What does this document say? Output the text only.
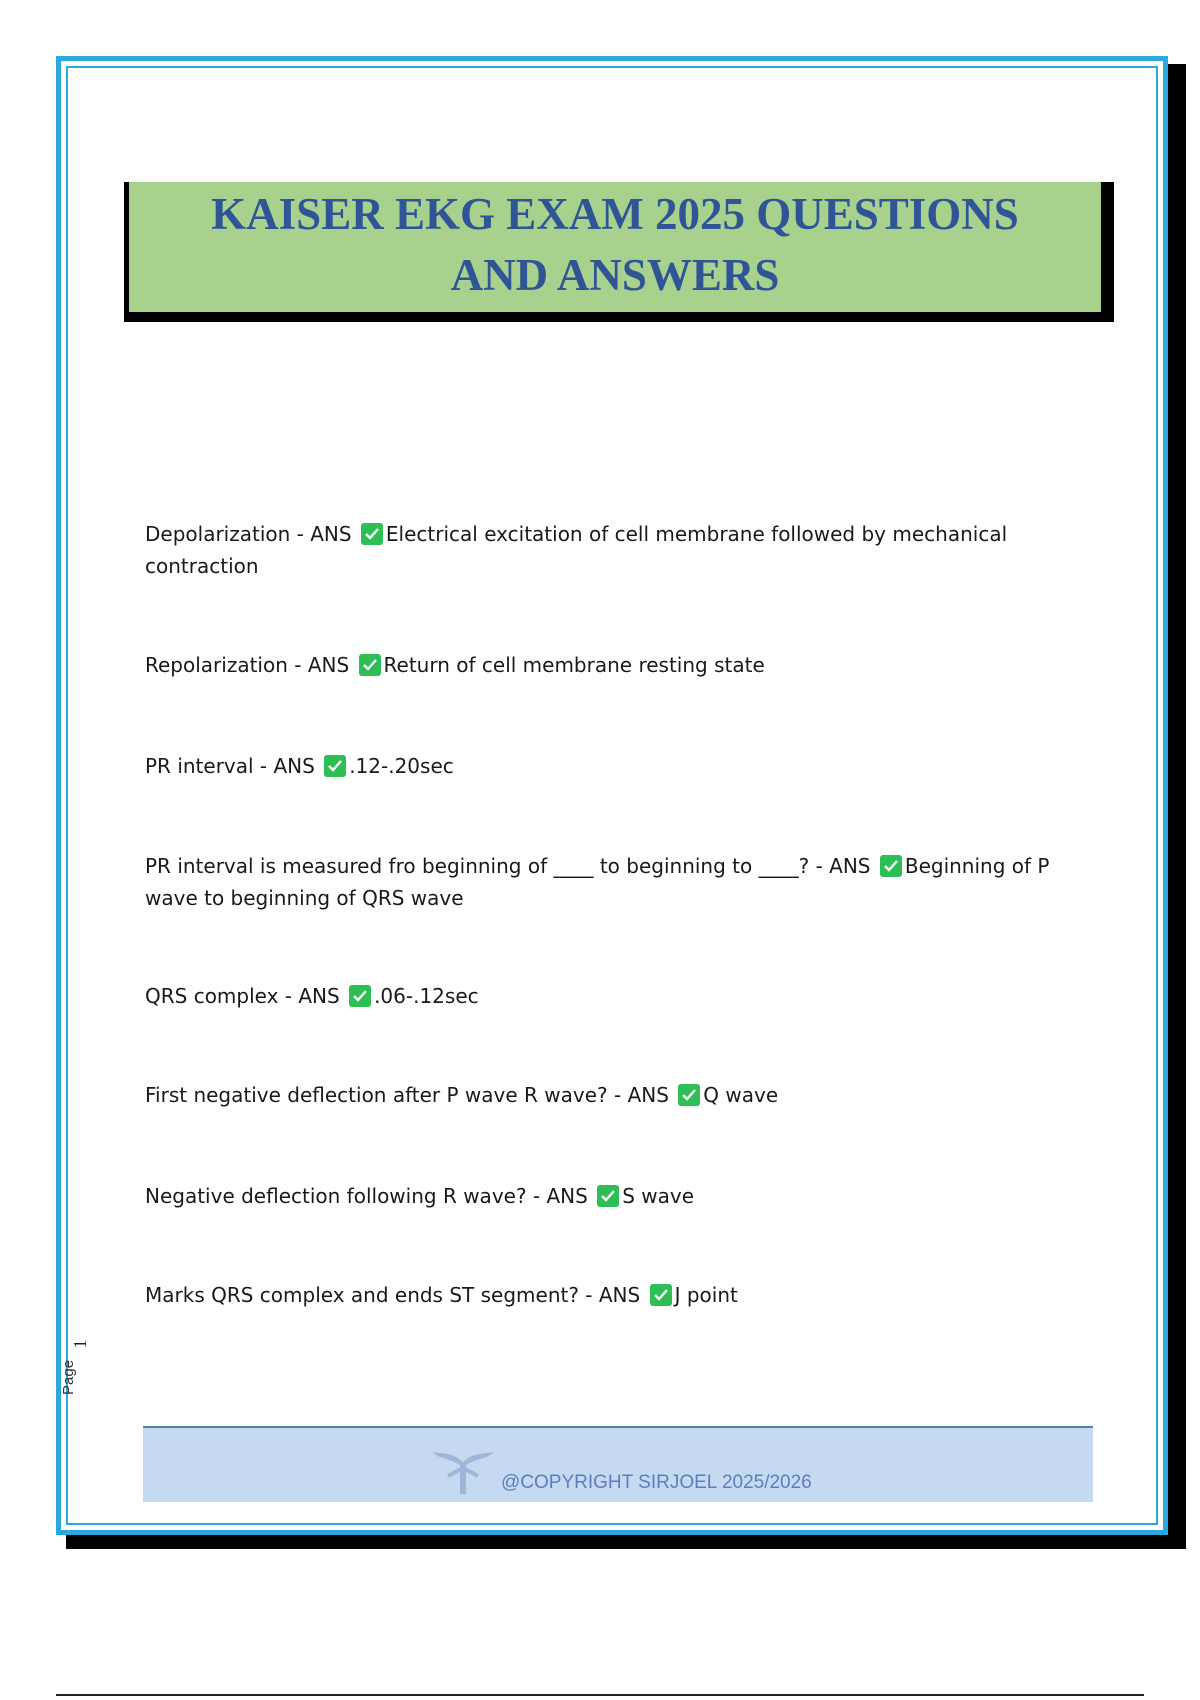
KAISER EKG EXAM 2025 QUESTIONS
AND ANSWERS
Depolarization - ANS Electrical excitation of cell membrane followed by mechanical contraction
Repolarization - ANS Return of cell membrane resting state
PR interval - ANS .12-.20sec
PR interval is measured fro beginning of ____ to beginning to ____? - ANS Beginning of P wave to beginning of QRS wave
QRS complex - ANS .06-.12sec
First negative deflection after P wave R wave? - ANS Q wave
Negative deflection following R wave? - ANS S wave
Marks QRS complex and ends ST segment? - ANS J point
Page
1
@COPYRIGHT SIRJOEL 2025/2026
